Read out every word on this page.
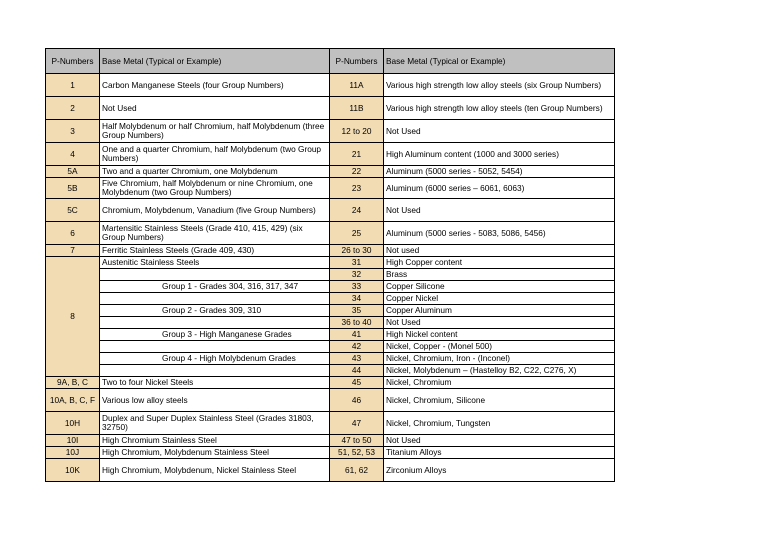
P-Numbers	Base Metal (Typical or Example)	P-Numbers	Base Metal (Typical or Example)
1	Carbon Manganese Steels (four Group Numbers)	11A	Various high strength low alloy steels (six Group Numbers)
2	Not Used	11B	Various high strength low alloy steels (ten Group Numbers)
3	Half Molybdenum or half Chromium, half Molybdenum (three Group Numbers)	12 to 20	Not Used
4	One and a quarter Chromium, half Molybdenum (two Group Numbers)	21	High Aluminum content (1000 and 3000 series)
5A	Two and a quarter Chromium, one Molybdenum	22	Aluminum (5000 series - 5052, 5454)
5B	Five Chromium, half Molybdenum or nine Chromium, one Molybdenum (two Group Numbers)	23	Aluminum (6000 series – 6061, 6063)
5C	Chromium, Molybdenum, Vanadium (five Group Numbers)	24	Not Used
6	Martensitic Stainless Steels (Grade 410, 415, 429) (six Group Numbers)	25	Aluminum (5000 series - 5083, 5086, 5456)
7	Ferritic Stainless Steels (Grade 409, 430)	26 to 30	Not used
8	Austenitic Stainless Steels	31	High Copper content
		32	Brass
	Group 1 - Grades 304, 316, 317, 347	33	Copper Silicone
		34	Copper Nickel
	Group 2 - Grades 309, 310	35	Copper Aluminum
		36 to 40	Not Used
	Group 3 - High Manganese Grades	41	High Nickel content
		42	Nickel, Copper - (Monel 500)
	Group 4 - High Molybdenum Grades	43	Nickel, Chromium, Iron - (Inconel)
		44	Nickel, Molybdenum – (Hastelloy B2, C22, C276, X)
9A, B, C	Two to four Nickel Steels	45	Nickel, Chromium
10A, B, C, F	Various low alloy steels	46	Nickel, Chromium, Silicone
10H	Duplex and Super Duplex Stainless Steel (Grades 31803, 32750)	47	Nickel, Chromium, Tungsten
10I	High Chromium Stainless Steel	47 to 50	Not Used
10J	High Chromium, Molybdenum Stainless Steel	51, 52, 53	Titanium Alloys
10K	High Chromium, Molybdenum, Nickel Stainless Steel	61, 62	Zirconium Alloys
